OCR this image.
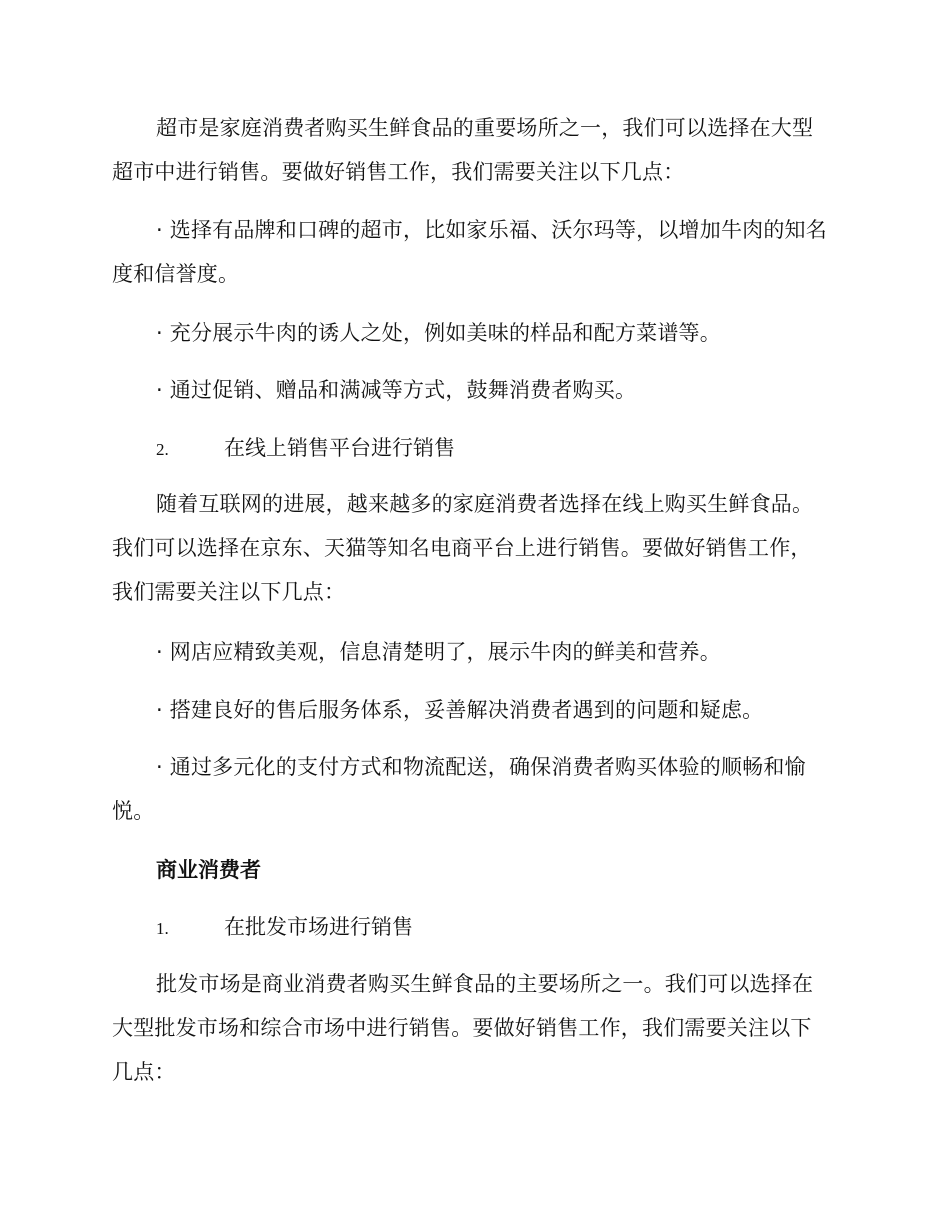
超市是家庭消费者购买生鲜食品的重要场所之一，我们可以选择在大型超市中进行销售。要做好销售工作，我们需要关注以下几点：

· 选择有品牌和口碑的超市，比如家乐福、沃尔玛等，以增加牛肉的知名度和信誉度。

· 充分展示牛肉的诱人之处，例如美味的样品和配方菜谱等。

· 通过促销、赠品和满减等方式，鼓舞消费者购买。

2.	在线上销售平台进行销售

随着互联网的进展，越来越多的家庭消费者选择在线上购买生鲜食品。我们可以选择在京东、天猫等知名电商平台上进行销售。要做好销售工作，我们需要关注以下几点：

· 网店应精致美观，信息清楚明了，展示牛肉的鲜美和营养。

· 搭建良好的售后服务体系，妥善解决消费者遇到的问题和疑虑。

· 通过多元化的支付方式和物流配送，确保消费者购买体验的顺畅和愉悦。

商业消费者
1.	在批发市场进行销售

批发市场是商业消费者购买生鲜食品的主要场所之一。我们可以选择在大型批发市场和综合市场中进行销售。要做好销售工作，我们需要关注以下几点：
